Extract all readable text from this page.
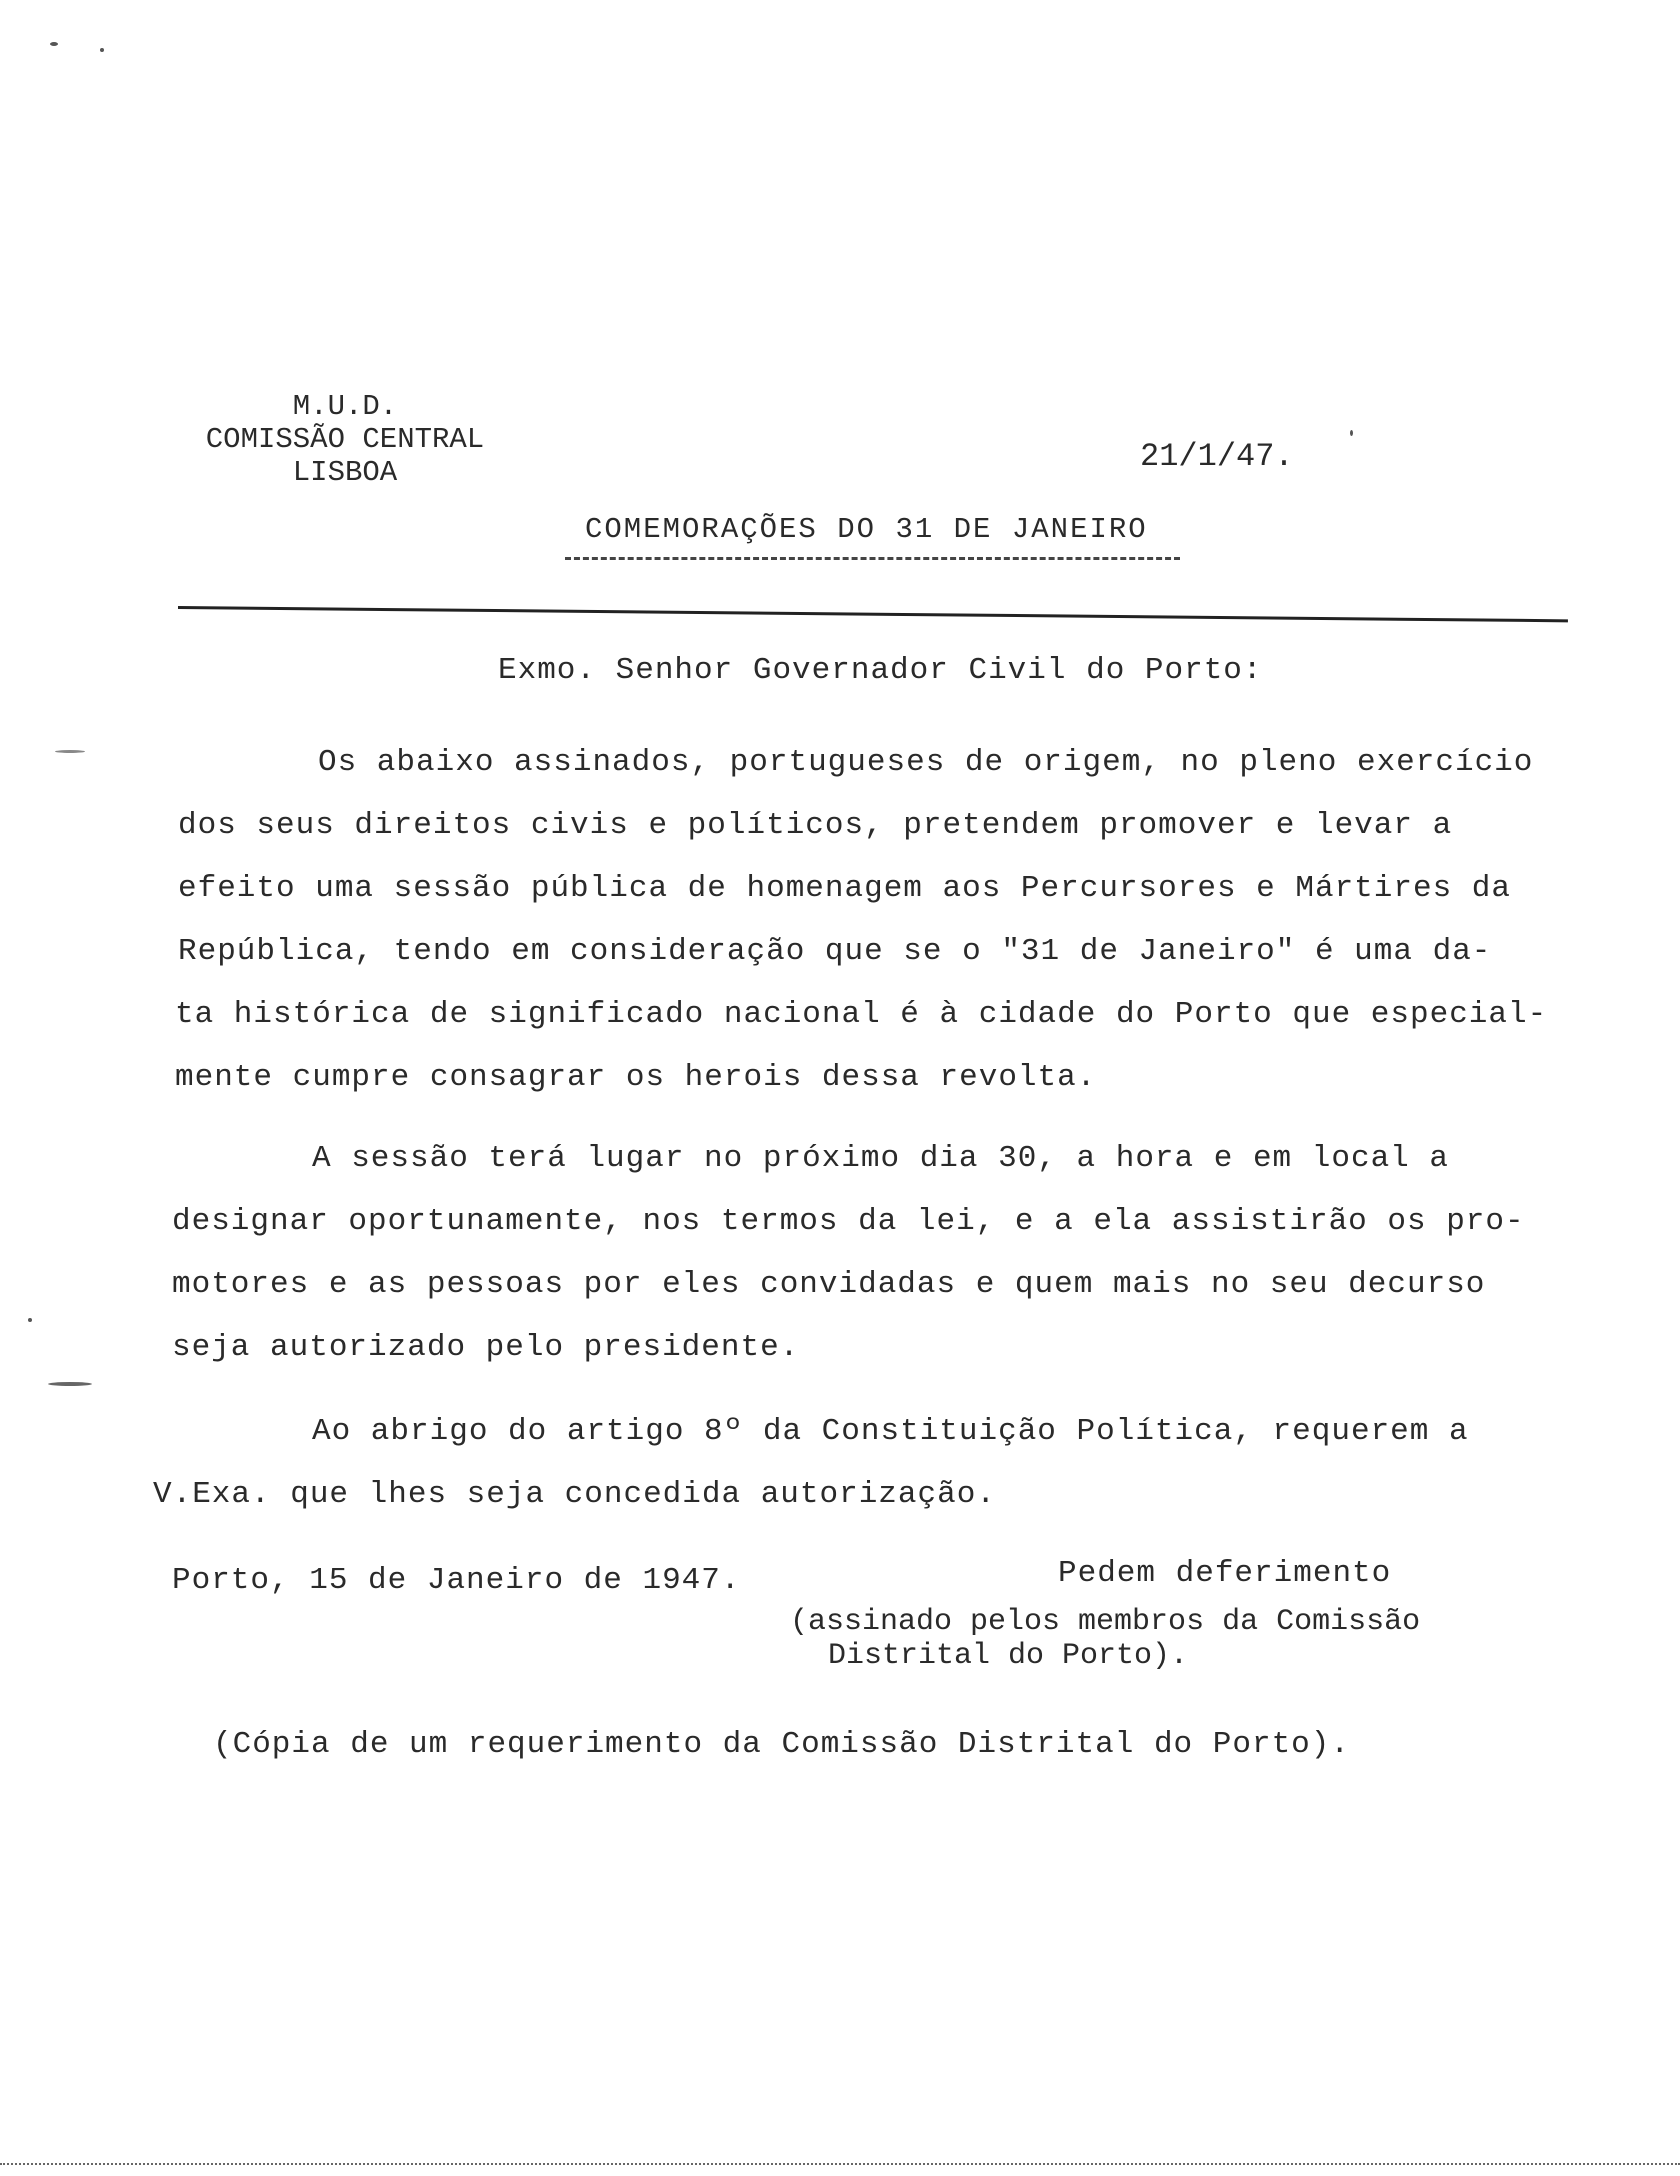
M.U.D.
COMISSÃO CENTRAL
LISBOA	21/1/47.
COMEMORAÇÕES DO 31 DE JANEIRO
Exmo. Senhor Governador Civil do Porto:
Os abaixo assinados, portugueses de origem, no pleno exercício
dos seus direitos civis e políticos, pretendem promover e levar a
efeito uma sessão pública de homenagem aos Percursores e Mártires da
República, tendo em consideração que se o "31 de Janeiro" é uma da-
ta histórica de significado nacional é à cidade do Porto que especial-
mente cumpre consagrar os herois dessa revolta.
A sessão terá lugar no próximo dia 30, a hora e em local a
designar oportunamente, nos termos da lei, e a ela assistirão os pro-
motores e as pessoas por eles convidadas e quem mais no seu decurso
seja autorizado pelo presidente.
Ao abrigo do artigo 8º da Constituição Política, requerem a
V.Exa. que lhes seja concedida autorização.
Porto, 15 de Janeiro de 1947.	Pedem deferimento
(assinado pelos membros da Comissão
Distrital do Porto).
(Cópia de um requerimento da Comissão Distrital do Porto).
